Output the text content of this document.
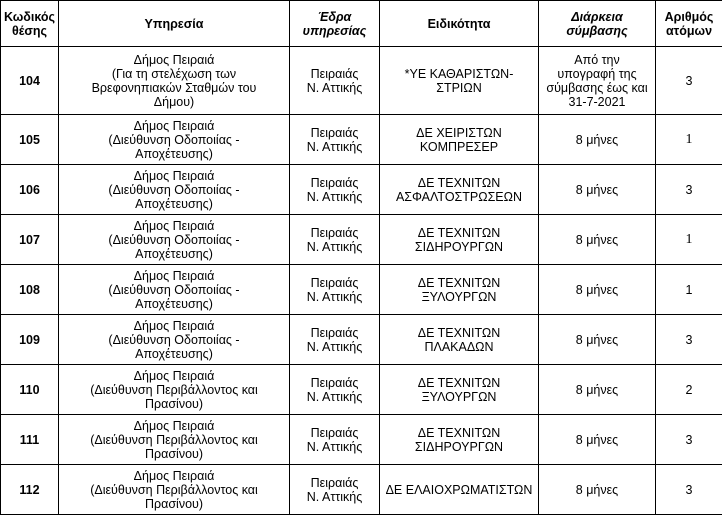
Κωδικός θέσης	Υπηρεσία	Έδρα υπηρεσίας	Ειδικότητα	Διάρκεια σύμβασης	Αριθμός ατόμων
104	Δήμος Πειραιά
(Για τη στελέχωση των
Βρεφονηπιακών Σταθμών του
Δήμου)	Πειραιάς
Ν. Αττικής	*ΥΕ ΚΑΘΑΡΙΣΤΩΝ-
ΣΤΡΙΩΝ	Από την
υπογραφή της
σύμβασης έως και
31-7-2021	3
105	Δήμος Πειραιά
(Διεύθυνση Οδοποιίας -
Αποχέτευσης)	Πειραιάς
Ν. Αττικής	ΔΕ ΧΕΙΡΙΣΤΩΝ
ΚΟΜΠΡΕΣΕΡ	8 μήνες	1
106	Δήμος Πειραιά
(Διεύθυνση Οδοποιίας -
Αποχέτευσης)	Πειραιάς
Ν. Αττικής	ΔΕ ΤΕΧΝΙΤΩΝ
ΑΣΦΑΛΤΟΣΤΡΩΣΕΩΝ	8 μήνες	3
107	Δήμος Πειραιά
(Διεύθυνση Οδοποιίας -
Αποχέτευσης)	Πειραιάς
Ν. Αττικής	ΔΕ ΤΕΧΝΙΤΩΝ
ΣΙΔΗΡΟΥΡΓΩΝ	8 μήνες	1
108	Δήμος Πειραιά
(Διεύθυνση Οδοποιίας -
Αποχέτευσης)	Πειραιάς
Ν. Αττικής	ΔΕ ΤΕΧΝΙΤΩΝ
ΞΥΛΟΥΡΓΩΝ	8 μήνες	1
109	Δήμος Πειραιά
(Διεύθυνση Οδοποιίας -
Αποχέτευσης)	Πειραιάς
Ν. Αττικής	ΔΕ ΤΕΧΝΙΤΩΝ
ΠΛΑΚΑΔΩΝ	8 μήνες	3
110	Δήμος Πειραιά
(Διεύθυνση Περιβάλλοντος και
Πρασίνου)	Πειραιάς
Ν. Αττικής	ΔΕ ΤΕΧΝΙΤΩΝ
ΞΥΛΟΥΡΓΩΝ	8 μήνες	2
111	Δήμος Πειραιά
(Διεύθυνση Περιβάλλοντος και
Πρασίνου)	Πειραιάς
Ν. Αττικής	ΔΕ ΤΕΧΝΙΤΩΝ
ΣΙΔΗΡΟΥΡΓΩΝ	8 μήνες	3
112	Δήμος Πειραιά
(Διεύθυνση Περιβάλλοντος και
Πρασίνου)	Πειραιάς
Ν. Αττικής	ΔΕ ΕΛΑΙΟΧΡΩΜΑΤΙΣΤΩΝ	8 μήνες	3
